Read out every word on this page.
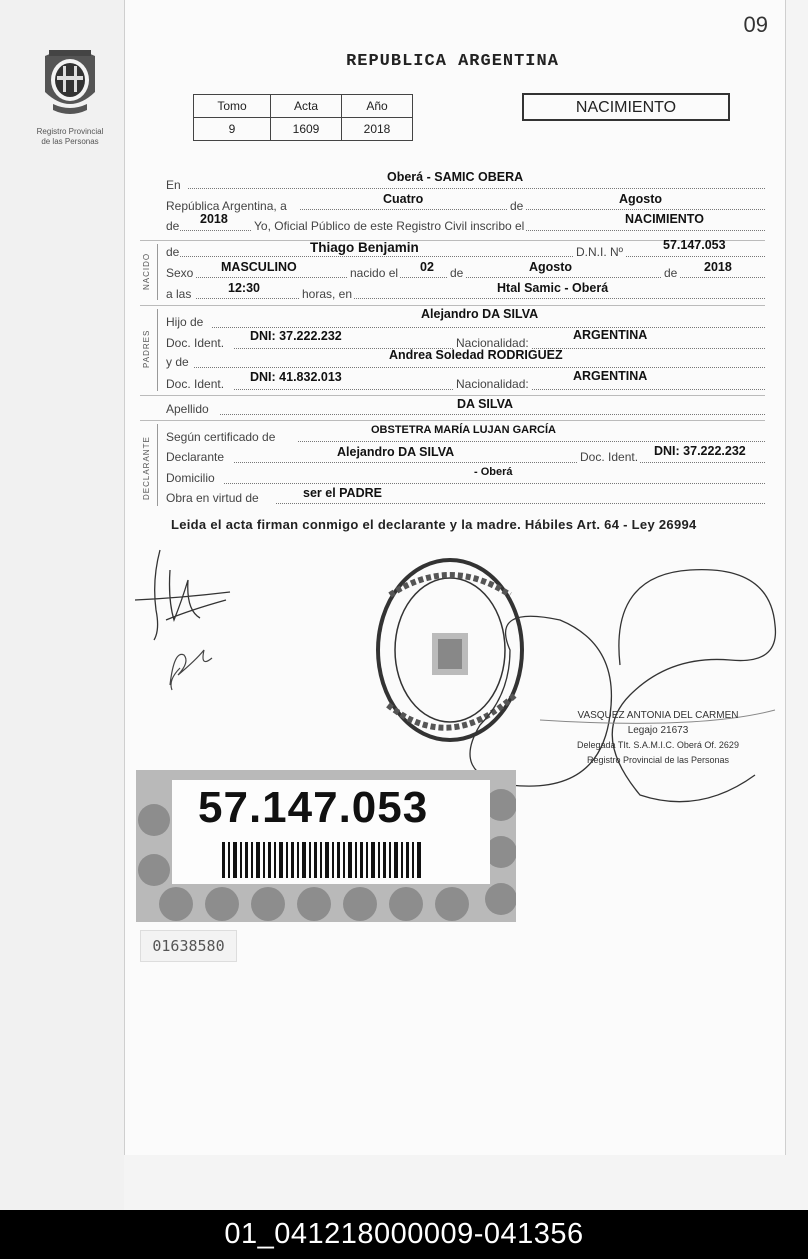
09
Registro Provincial
de las Personas
REPUBLICA ARGENTINA
Tomo	Acta	Año
9	1609	2018
NACIMIENTO
En
Oberá - SAMIC OBERA
República Argentina, a	Cuatro	de	Agosto
de 2018 Yo, Oficial Público de este Registro Civil inscribo el	NACIMIENTO
NACIDO
de	Thiago Benjamin	D.N.I. Nº	57.147.053
Sexo MASCULINO	nacido el 02 de	Agosto	de 2018
a las	12:30	horas, en	Htal Samic - Oberá
PADRES
Hijo de
Alejandro DA SILVA
Doc. Ident. DNI: 37.222.232	Nacionalidad:
ARGENTINA
y de	Andrea Soledad RODRIGUEZ
Doc. Ident. DNI: 41.832.013	Nacionalidad:
ARGENTINA
Apellido	DA SILVA
DECLARANTE Según certificado de	OBSTETRA MARÍA LUJAN GARCÍA
Declarante	Alejandro DA SILVA	Doc. Ident. DNI: 37.222.232
Domicilio	- Oberá
Obra en virtud de	ser el PADRE
Leida el acta firman conmigo el declarante y la madre. Hábiles Art. 64 - Ley 26994
VASQUEZ ANTONIA DEL CARMEN
Legajo 21673
Delegada TIt. S.A.M.I.C. Oberá Of. 2629
Registro Provincial de las Personas
57.147.053
01638580
01_041218000009-041356
